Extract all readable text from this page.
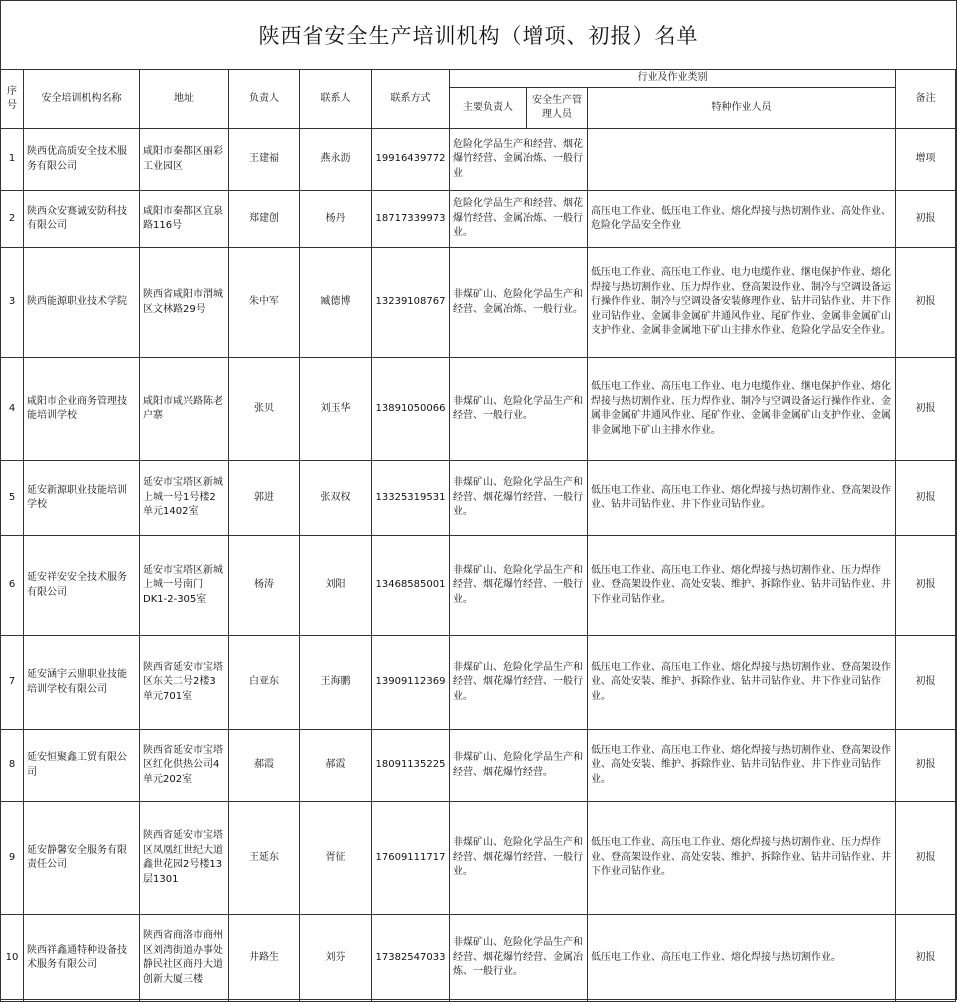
陕西省安全生产培训机构（增项、初报）名单
序号	安全培训机构名称	地址	负责人	联系人	联系方式	行业及作业类别			备注
						主要负责人	安全生产管理人员	特种作业人员	
1	陕西优高质安全技术服务有限公司	咸阳市秦都区丽彩工业园区	王建福	燕永沥	19916439772	危险化学品生产和经营、烟花爆竹经营、金属冶炼、一般行业			增项
2	陕西众安赛诚安防科技有限公司	咸阳市秦都区宜泉路116号	郑建创	杨丹	18717339973	危险化学品生产和经营、烟花爆竹经营、金属冶炼、一般行业。		高压电工作业、低压电工作业、熔化焊接与热切割作业、高处作业、危险化学品安全作业	初报
3	陕西能源职业技术学院	陕西省咸阳市渭城区文林路29号	朱中军	臧德博	13239108767	非煤矿山、危险化学品生产和经营、金属冶炼、一般行业。		低压电工作业、高压电工作业、电力电缆作业、继电保护作业、熔化焊接与热切割作业、压力焊作业、登高架设作业、制冷与空调设备运行操作作业、制冷与空调设备安装修理作业、钻井司钻作业、井下作业司钻作业、金属非金属矿井通风作业、尾矿作业、金属非金属矿山支护作业、金属非金属地下矿山主排水作业、危险化学品安全作业。	初报
4	咸阳市企业商务管理技能培训学校	咸阳市咸兴路陈老户寨	张贝	刘玉华	13891050066	非煤矿山、危险化学品生产和经营、一般行业。		低压电工作业、高压电工作业、电力电缆作业、继电保护作业、熔化焊接与热切割作业、压力焊作业、制冷与空调设备运行操作作业、金属非金属矿井通风作业、尾矿作业、金属非金属矿山支护作业、金属非金属地下矿山主排水作业。	初报
5	延安新源职业技能培训学校	延安市宝塔区新城上城一号1号楼2单元1402室	郭进	张双权	13325319531	非煤矿山、危险化学品生产和经营、烟花爆竹经营、一般行业。		低压电工作业、高压电工作业、熔化焊接与热切割作业、登高架设作业、钻井司钻作业、井下作业司钻作业。	初报
6	延安祥安安全技术服务有限公司	延安市宝塔区新城上城一号南门DK1-2-305室	杨涛	刘阳	13468585001	非煤矿山、危险化学品生产和经营、烟花爆竹经营、一般行业。		低压电工作业、高压电工作业、熔化焊接与热切割作业、压力焊作业、登高架设作业、高处安装、维护、拆除作业、钻井司钻作业、井下作业司钻作业。	初报
7	延安涵宇云鼎职业技能培训学校有限公司	陕西省延安市宝塔区东关二号2楼3单元701室	白亚东	王海鹏	13909112369	非煤矿山、危险化学品生产和经营、烟花爆竹经营、一般行业。		低压电工作业、高压电工作业、熔化焊接与热切割作业、登高架设作业、高处安装、维护、拆除作业、钻井司钻作业、井下作业司钻作业。	初报
8	延安恒聚鑫工贸有限公司	陕西省延安市宝塔区红化供热公司4单元202室	郝霞	郝霞	18091135225	非煤矿山、危险化学品生产和经营、烟花爆竹经营。		低压电工作业、高压电工作业、熔化焊接与热切割作业、登高架设作业、高处安装、维护、拆除作业、钻井司钻作业、井下作业司钻作业。	初报
9	延安静馨安全服务有限责任公司	陕西省延安市宝塔区凤凰红世纪大道鑫世花园2号楼13层1301	王延东	胥征	17609111717	非煤矿山、危险化学品生产和经营、烟花爆竹经营、一般行业。		低压电工作业、高压电工作业、熔化焊接与热切割作业、压力焊作业、登高架设作业、高处安装、维护、拆除作业、钻井司钻作业、井下作业司钻作业。	初报
10	陕西祥鑫通特种设备技术服务有限公司	陕西省商洛市商州区刘湾街道办事处静民社区商丹大道创新大厦三楼	井路生	刘芬	17382547033	非煤矿山、危险化学品生产和经营、烟花爆竹经营、金属冶炼、一般行业。		低压电工作业、高压电工作业、熔化焊接与热切割作业。	初报
